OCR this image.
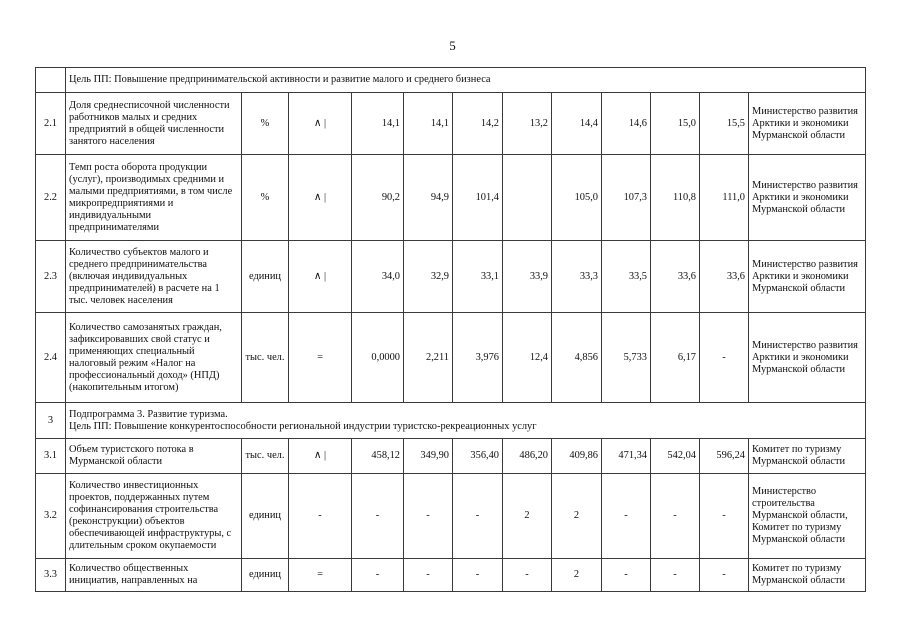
5
	Цель ПП: Повышение предпринимательской активности и развитие малого и среднего бизнеса											
2.1	Доля среднесписочной численности работников малых и средних предприятий в общей численности занятого населения	%	∧ |	14,1	14,1	14,2	13,2	14,4	14,6	15,0	15,5	Министерство развития Арктики и экономики Мурманской области
2.2	Темп роста оборота продукции (услуг), производимых средними и малыми предприятиями, в том числе микропредприятиями и индивидуальными предпринимателями	%	∧ |	90,2	94,9	101,4		105,0	107,3	110,8	111,0	Министерство развития Арктики и экономики Мурманской области
2.3	Количество субъектов малого и среднего предпринимательства (включая индивидуальных предпринимателей) в расчете на 1 тыс. человек населения	единиц	∧ |	34,0	32,9	33,1	33,9	33,3	33,5	33,6	33,6	Министерство развития Арктики и экономики Мурманской области
2.4	Количество самозанятых граждан, зафиксировавших свой статус и применяющих специальный налоговый режим «Налог на профессиональный доход» (НПД) (накопительным итогом)	тыс. чел.	=	0,0000	2,211	3,976	12,4	4,856	5,733	6,17	-	Министерство развития Арктики и экономики Мурманской области
3	Подпрограмма 3. Развитие туризма.
Цель ПП: Повышение конкурентоспособности региональной индустрии туристско-рекреационных услуг											

3.1	Объем туристского потока в Мурманской области	тыс. чел.	∧ |	458,12	349,90	356,40	486,20	409,86	471,34	542,04	596,24	Комитет по туризму Мурманской области
3.2	Количество инвестиционных проектов, поддержанных путем софинансирования строительства (реконструкции) объектов обеспечивающей инфраструктуры, с длительным сроком окупаемости	единиц	-	-	-	-	2	2	-	-	-	Министерство строительства Мурманской области, Комитет по туризму Мурманской области
3.3	Количество общественных инициатив, направленных на	единиц	=	-	-	-	-	2	-	-	-	Комитет по туризму Мурманской области
